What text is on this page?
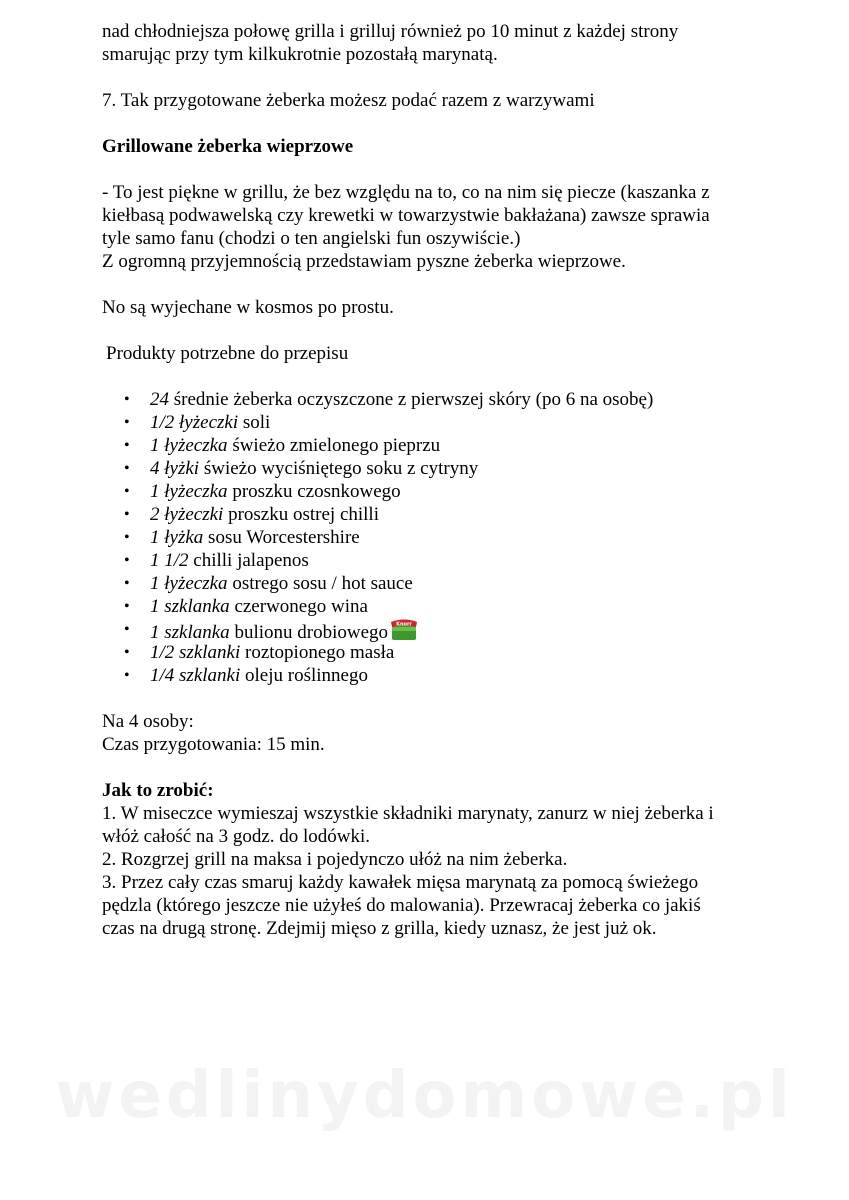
nad chłodniejsza połowę grilla i grilluj również po 10 minut z każdej strony

smarując przy tym kilkukrotnie pozostałą marynatą.

7. Tak przygotowane żeberka możesz podać razem z warzywami

Grillowane żeberka wieprzowe

- To jest piękne w grillu, że bez względu na to, co na nim się piecze (kaszanka z

kiełbasą podwawelską czy krewetki w towarzystwie bakłażana) zawsze sprawia

tyle samo fanu (chodzi o ten angielski fun oszywiście.)

Z ogromną przyjemnością przedstawiam pyszne żeberka wieprzowe.

No są wyjechane w kosmos po prostu.

Produkty potrzebne do przepisu

• 24 średnie żeberka oczyszczone z pierwszej skóry (po 6 na osobę)
• 1/2 łyżeczki soli
• 1 łyżeczka świeżo zmielonego pieprzu
• 4 łyżki świeżo wyciśniętego soku z cytryny
• 1 łyżeczka proszku czosnkowego
• 2 łyżeczki proszku ostrej chilli
• 1 łyżka sosu Worcestershire
• 1 1/2 chilli jalapenos
• 1 łyżeczka ostrego sosu / hot sauce
• 1 szklanka czerwonego wina
• 1 szklanka bulionu drobiowego Knorr
• 1/2 szklanki roztopionego masła
• 1/4 szklanki oleju roślinnego

Na 4 osoby:

Czas przygotowania: 15 min.

Jak to zrobić:

1. W miseczce wymieszaj wszystkie składniki marynaty, zanurz w niej żeberka i

włóż całość na 3 godz. do lodówki.

2. Rozgrzej grill na maksa i pojedynczo ułóż na nim żeberka.

3. Przez cały czas smaruj każdy kawałek mięsa marynatą za pomocą świeżego

pędzla (którego jeszcze nie użyłeś do malowania). Przewracaj żeberka co jakiś

czas na drugą stronę. Zdejmij mięso z grilla, kiedy uznasz, że jest już ok.

wedlinydomowe.pl
